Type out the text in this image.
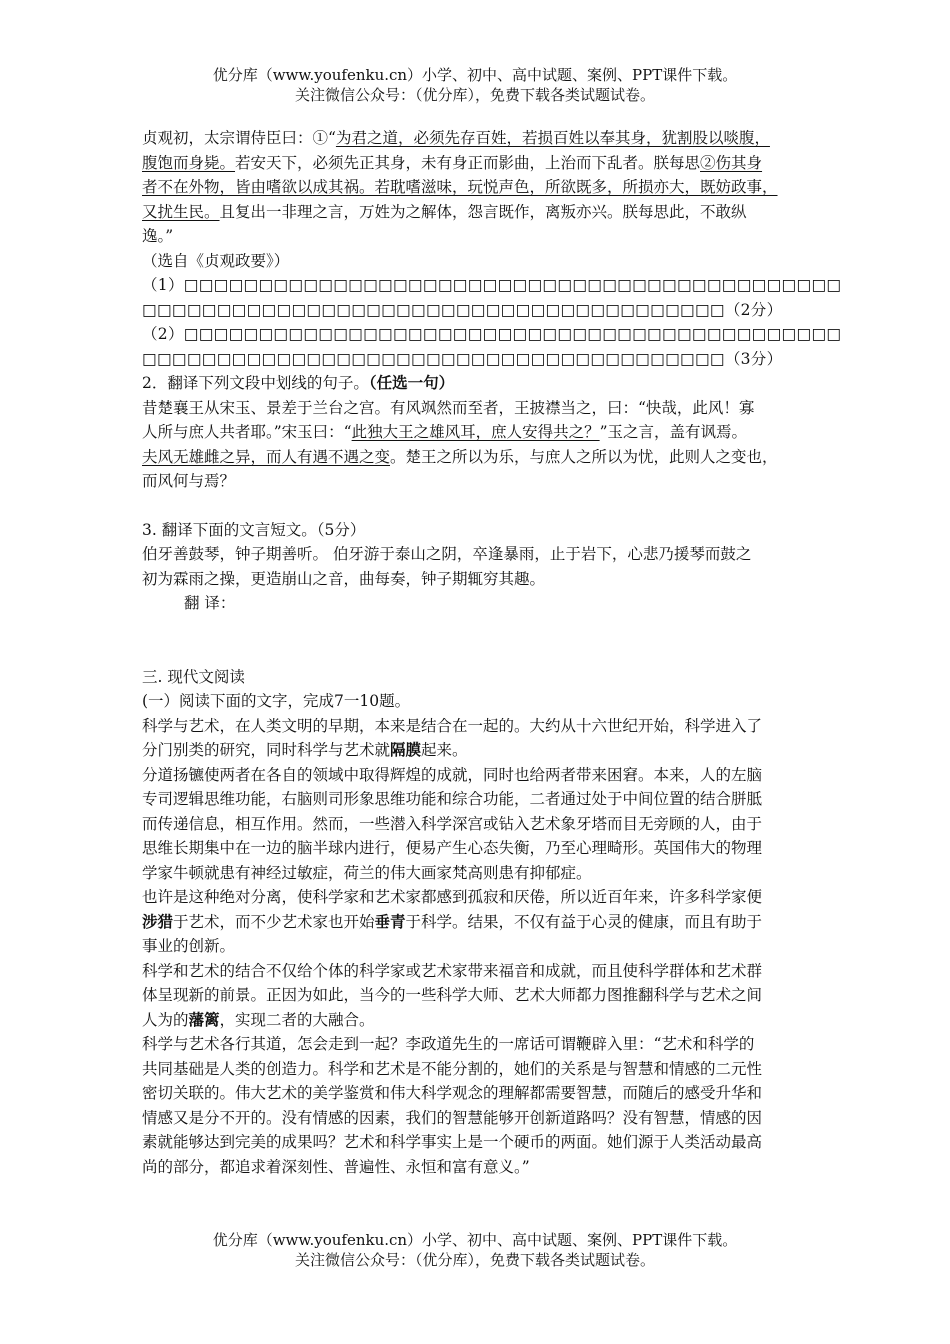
优分库（www.youfenku.cn）小学、初中、高中试题、案例、PPT课件下载。
关注微信公众号：（优分库），免费下载各类试题试卷。
贞观初，太宗谓侍臣曰：①“为君之道，必须先存百姓，若损百姓以奉其身，犹割股以啖腹，
腹饱而身毙。若安天下，必须先正其身，未有身正而影曲，上治而下乱者。朕每思②伤其身
者不在外物，皆由嗜欲以成其祸。若耽嗜滋味，玩悦声色，所欲既多，所损亦大，既妨政事，
又扰生民。且复出一非理之言，万姓为之解体，怨言既作，离叛亦兴。朕每思此，不敢纵
逸。”
（选自《贞观政要》）
（1）□□□□□□□□□□□□□□□□□□□□□□□□□□□□□□□□□□□□□□□□□□□□
□□□□□□□□□□□□□□□□□□□□□□□□□□□□□□□□□□□□□□□（2分）
（2）□□□□□□□□□□□□□□□□□□□□□□□□□□□□□□□□□□□□□□□□□□□□
□□□□□□□□□□□□□□□□□□□□□□□□□□□□□□□□□□□□□□□（3分）
2．翻译下列文段中划线的句子。（任选一句）
昔楚襄王从宋玉、景差于兰台之宫。有风飒然而至者，王披襟当之，曰：“快哉，此风！寡
人所与庶人共者耶。”宋玉曰：“此独大王之雄风耳，庶人安得共之？”玉之言，盖有讽焉。
夫风无雄雌之异，而人有遇不遇之变。楚王之所以为乐，与庶人之所以为忧，此则人之变也，
而风何与焉？
3. 翻译下面的文言短文。（5分）
伯牙善鼓琴，钟子期善听。 伯牙游于泰山之阴，卒逢暴雨，止于岩下，心悲乃援琴而鼓之
初为霖雨之操，更造崩山之音，曲每奏，钟子期辄穷其趣。
翻 译：
三. 现代文阅读
(一）阅读下面的文字，完成7一10题。
科学与艺术，在人类文明的早期，本来是结合在一起的。大约从十六世纪开始，科学进入了
分门别类的研究，同时科学与艺术就隔膜起来。
分道扬镳使两者在各自的领域中取得辉煌的成就，同时也给两者带来困窘。本来，人的左脑
专司逻辑思维功能，右脑则司形象思维功能和综合功能，二者通过处于中间位置的结合胼胝
而传递信息，相互作用。然而，一些潜入科学深宫或钻入艺术象牙塔而目无旁顾的人，由于
思维长期集中在一边的脑半球内进行，便易产生心态失衡，乃至心理畸形。英国伟大的物理
学家牛顿就患有神经过敏症，荷兰的伟大画家梵高则患有抑郁症。
也许是这种绝对分离，使科学家和艺术家都感到孤寂和厌倦，所以近百年来，许多科学家便
涉猎于艺术，而不少艺术家也开始垂青于科学。结果，不仅有益于心灵的健康，而且有助于
事业的创新。
科学和艺术的结合不仅给个体的科学家或艺术家带来福音和成就，而且使科学群体和艺术群
体呈现新的前景。正因为如此，当今的一些科学大师、艺术大师都力图推翻科学与艺术之间
人为的藩篱，实现二者的大融合。
科学与艺术各行其道，怎会走到一起？李政道先生的一席话可谓鞭辟入里：“艺术和科学的
共同基础是人类的创造力。科学和艺术是不能分割的，她们的关系是与智慧和情感的二元性
密切关联的。伟大艺术的美学鉴赏和伟大科学观念的理解都需要智慧，而随后的感受升华和
情感又是分不开的。没有情感的因素，我们的智慧能够开创新道路吗？没有智慧，情感的因
素就能够达到完美的成果吗？艺术和科学事实上是一个硬币的两面。她们源于人类活动最高
尚的部分，都追求着深刻性、普遍性、永恒和富有意义。”
优分库（www.youfenku.cn）小学、初中、高中试题、案例、PPT课件下载。
关注微信公众号：（优分库），免费下载各类试题试卷。
